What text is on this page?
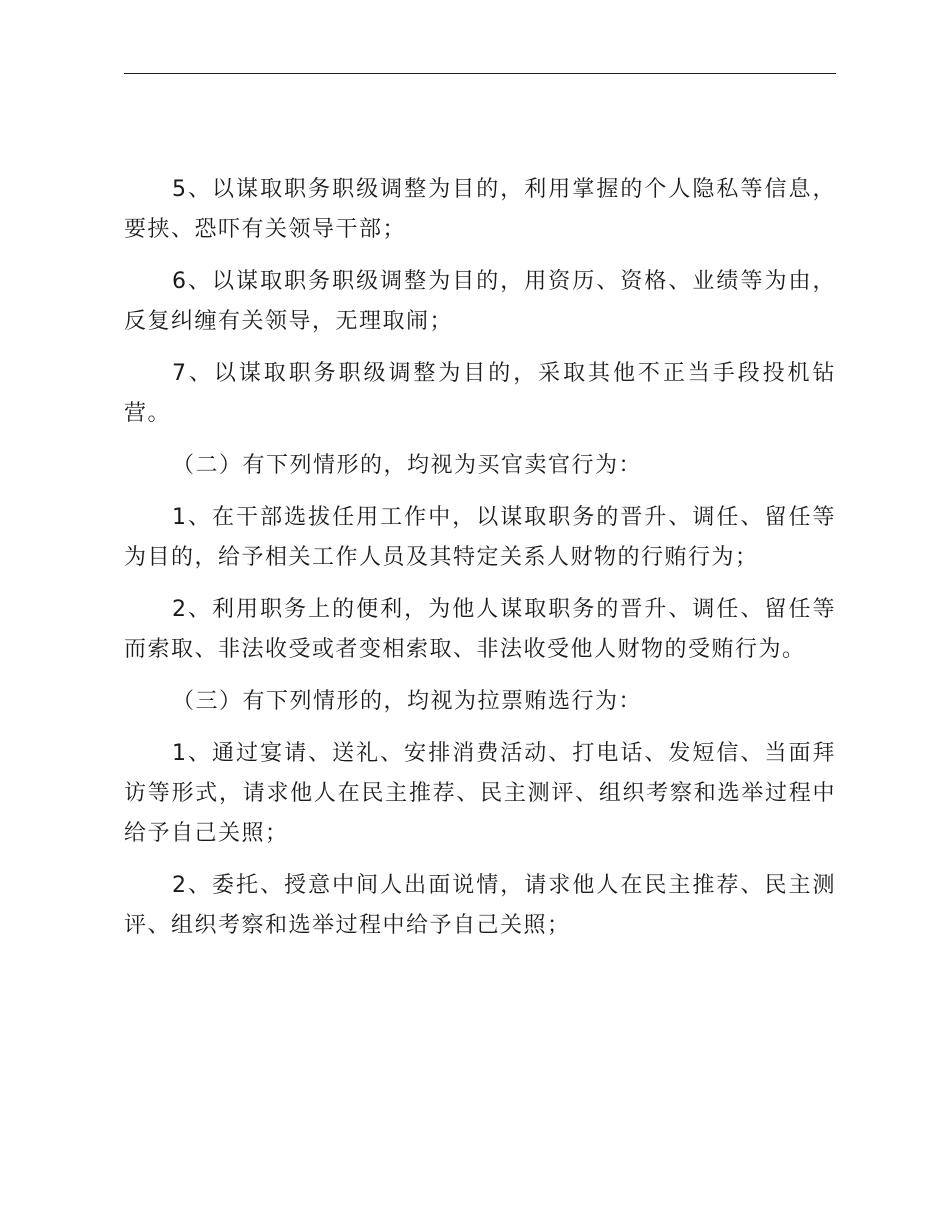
5、以谋取职务职级调整为目的，利用掌握的个人隐私等信息，要挟、恐吓有关领导干部；

6、以谋取职务职级调整为目的，用资历、资格、业绩等为由，反复纠缠有关领导，无理取闹；

7、以谋取职务职级调整为目的，采取其他不正当手段投机钻营。

（二）有下列情形的，均视为买官卖官行为：

1、在干部选拔任用工作中，以谋取职务的晋升、调任、留任等为目的，给予相关工作人员及其特定关系人财物的行贿行为；

2、利用职务上的便利，为他人谋取职务的晋升、调任、留任等而索取、非法收受或者变相索取、非法收受他人财物的受贿行为。

（三）有下列情形的，均视为拉票贿选行为：

1、通过宴请、送礼、安排消费活动、打电话、发短信、当面拜访等形式，请求他人在民主推荐、民主测评、组织考察和选举过程中给予自己关照；

2、委托、授意中间人出面说情，请求他人在民主推荐、民主测评、组织考察和选举过程中给予自己关照；
